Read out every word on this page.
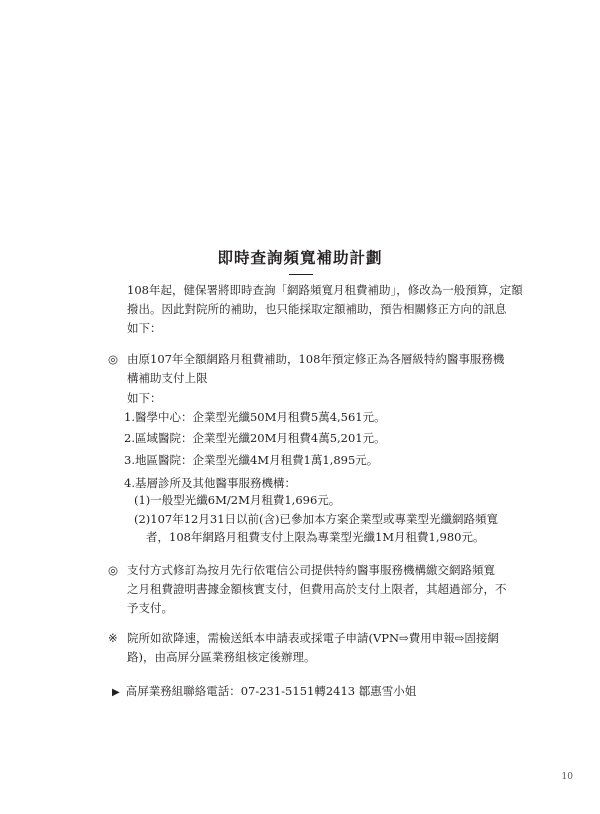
即時查詢頻寬補助計劃
108年起，健保署將即時查詢「網路頻寬月租費補助」，修改為一般預算，定額
撥出。因此對院所的補助，也只能採取定額補助，預告相關修正方向的訊息
如下：
◎ 由原107年全額網路月租費補助，108年預定修正為各層級特約醫事服務機
構補助支付上限
如下：
1.醫學中心：企業型光纖50M月租費5萬4,561元。
2.區域醫院：企業型光纖20M月租費4萬5,201元。
3.地區醫院：企業型光纖4M月租費1萬1,895元。
4.基層診所及其他醫事服務機構：
(1)一般型光纖6M/2M月租費1,696元。
(2)107年12月31日以前(含)已參加本方案企業型或專業型光纖網路頻寬
者，108年網路月租費支付上限為專業型光纖1M月租費1,980元。
◎ 支付方式修訂為按月先行依電信公司提供特約醫事服務機構繳交網路頻寬
之月租費證明書據金額核實支付，但費用高於支付上限者，其超過部分，不
予支付。
※ 院所如欲降速，需檢送紙本申請表或採電子申請(VPN⇨費用申報⇨固接網
路)，由高屏分區業務組核定後辦理。
▶ 高屏業務組聯絡電話：07-231-5151轉2413 鄒惠雪小姐
10
